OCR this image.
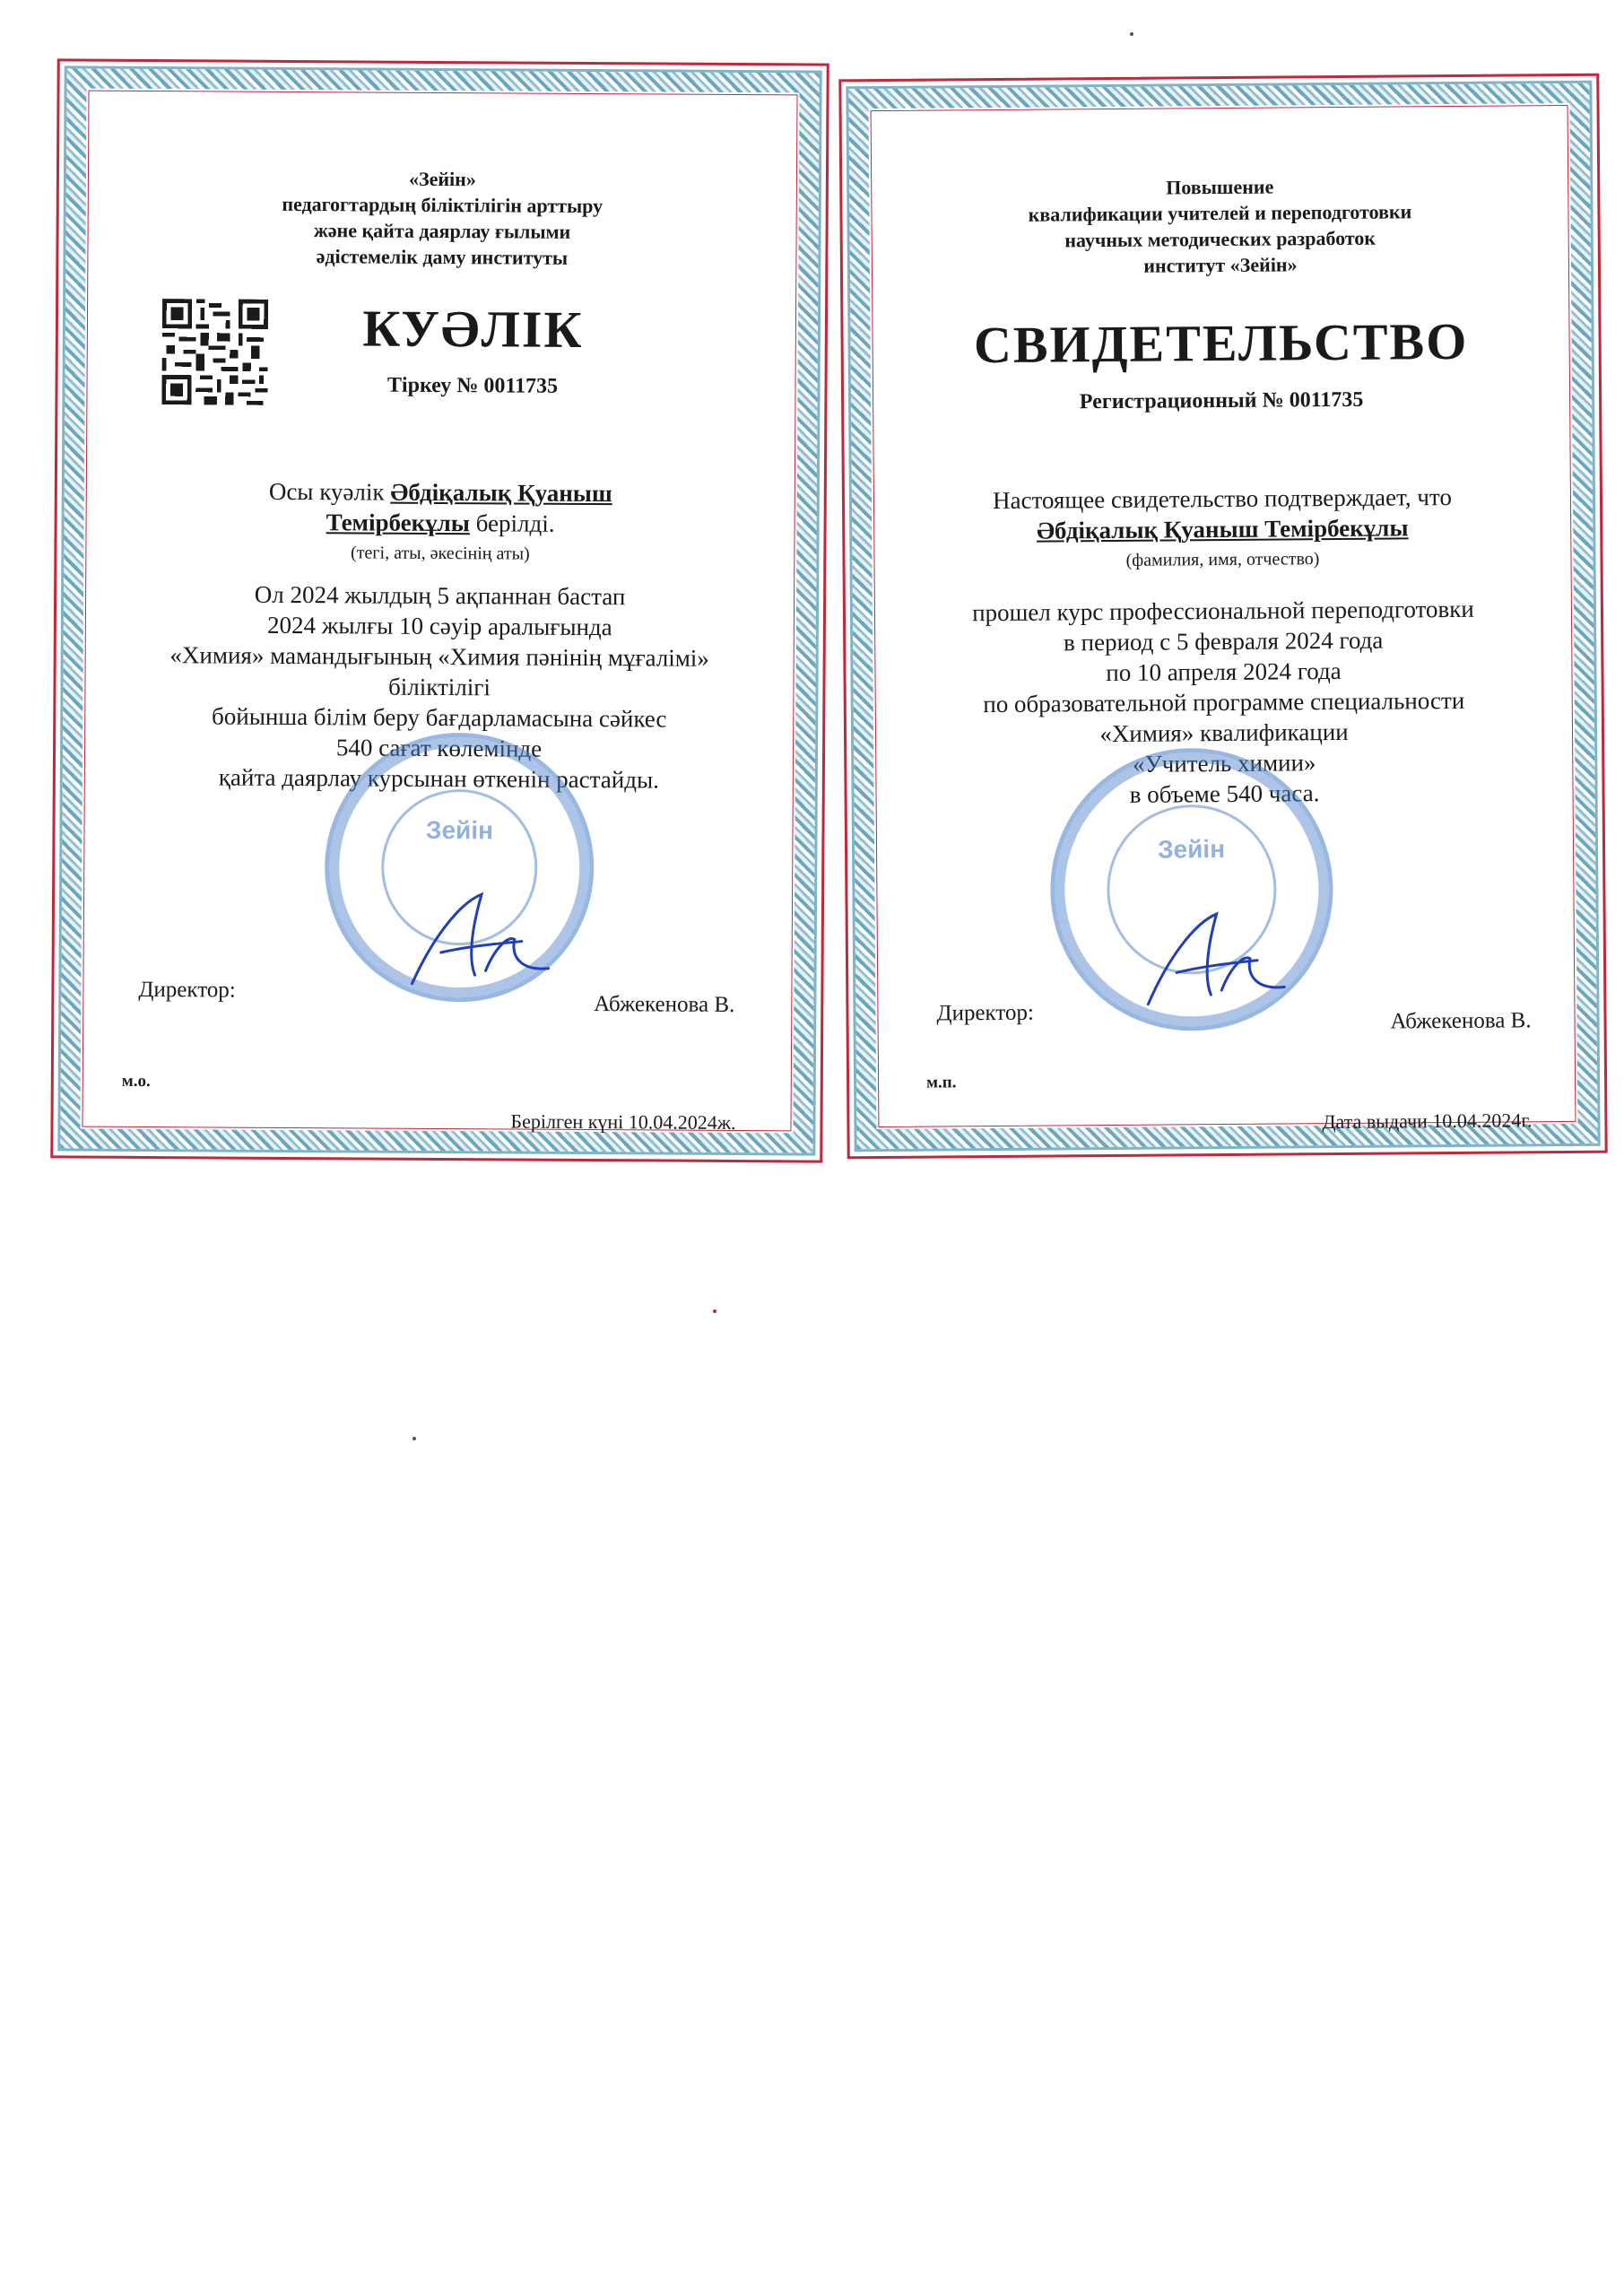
«Зейін»
педагогтардың біліктілігін арттыру
және қайта даярлау ғылыми
әдістемелік даму институты
КУӘЛІК
Тіркеу № 0011735
Осы куәлік Әбдіқалық Қуаныш
Темірбекұлы берілді.
(тегі, аты, әкесінің аты)
Ол 2024 жылдың 5 ақпаннан бастап
2024 жылғы 10 сәуір аралығында
«Химия» мамандығының «Химия пәнінің мұғалімі»
біліктілігі
бойынша білім беру бағдарламасына сәйкес
540 сағат көлемінде
қайта даярлау курсынан өткенін растайды.
Зейін
Директор:
Абжекенова В.
м.о.
Берілген күні 10.04.2024ж.
Повышение
квалификации учителей и переподготовки
научных методических разработок
институт «Зейін»
СВИДЕТЕЛЬСТВО
Регистрационный № 0011735
Настоящее свидетельство подтверждает, что
Әбдіқалық Қуаныш Темірбекұлы
(фамилия, имя, отчество)
прошел курс профессиональной переподготовки
в период с 5 февраля 2024 года
по 10 апреля 2024 года
по образовательной программе специальности
«Химия» квалификации
«Учитель химии»
в объеме 540 часа.
Зейін
Директор:	Абжекенова В.
м.п.
Дата выдачи 10.04.2024г.
